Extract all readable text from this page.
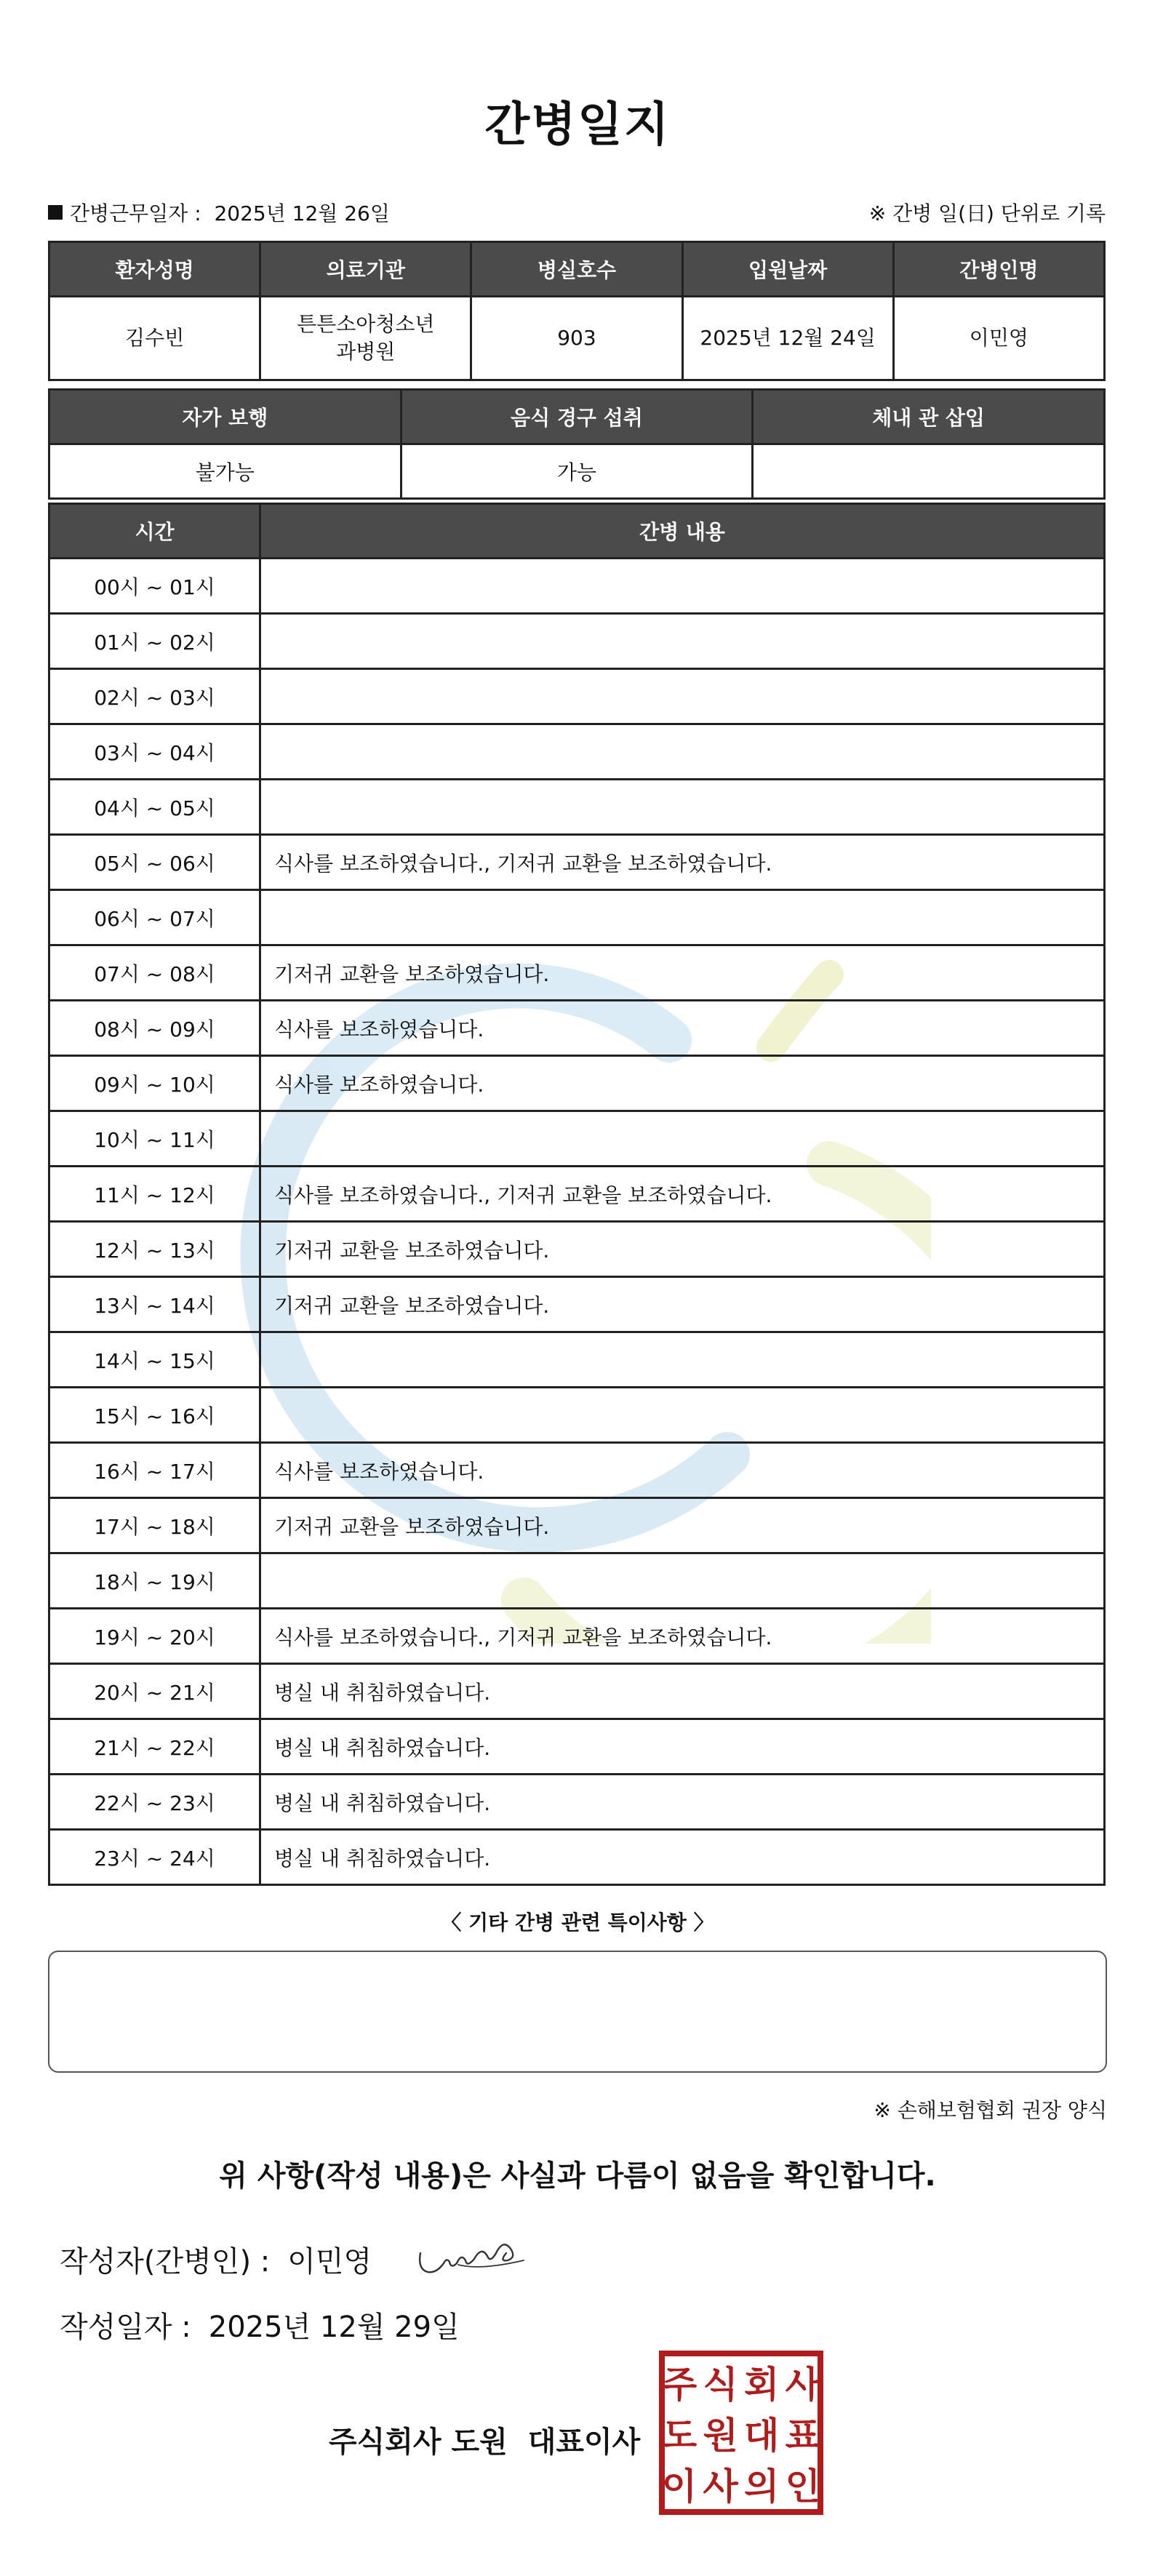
간병일지
간병근무일자 : 2025년 12월 26일	※ 간병 일(日) 단위로 기록
환자성명	의료기관	병실호수	입원날짜	간병인명
김수빈	튼튼소아청소년과병원	903	2025년 12월 24일	이민영
자가 보행	음식 경구 섭취	체내 관 삽입
불가능	가능	
시간	간병 내용
00시 ~ 01시	
01시 ~ 02시	
02시 ~ 03시	
03시 ~ 04시	
04시 ~ 05시	
05시 ~ 06시	식사를 보조하였습니다., 기저귀 교환을 보조하였습니다.
06시 ~ 07시	
07시 ~ 08시	기저귀 교환을 보조하였습니다.
08시 ~ 09시	식사를 보조하였습니다.
09시 ~ 10시	식사를 보조하였습니다.
10시 ~ 11시	
11시 ~ 12시	식사를 보조하였습니다., 기저귀 교환을 보조하였습니다.
12시 ~ 13시	기저귀 교환을 보조하였습니다.
13시 ~ 14시	기저귀 교환을 보조하였습니다.
14시 ~ 15시	
15시 ~ 16시	
16시 ~ 17시	식사를 보조하였습니다.
17시 ~ 18시	기저귀 교환을 보조하였습니다.
18시 ~ 19시	
19시 ~ 20시	식사를 보조하였습니다., 기저귀 교환을 보조하였습니다.
20시 ~ 21시	병실 내 취침하였습니다.
21시 ~ 22시	병실 내 취침하였습니다.
22시 ~ 23시	병실 내 취침하였습니다.
23시 ~ 24시	병실 내 취침하였습니다.
〈 기타 간병 관련 특이사항 〉
※ 손해보험협회 권장 양식
위 사항(작성 내용)은 사실과 다름이 없음을 확인합니다.
작성자(간병인) : 이민영
작성일자 : 2025년 12월 29일
주식회사 도원 대표이사
주 식 회 사
도 원 대 표
이 사 의 인
